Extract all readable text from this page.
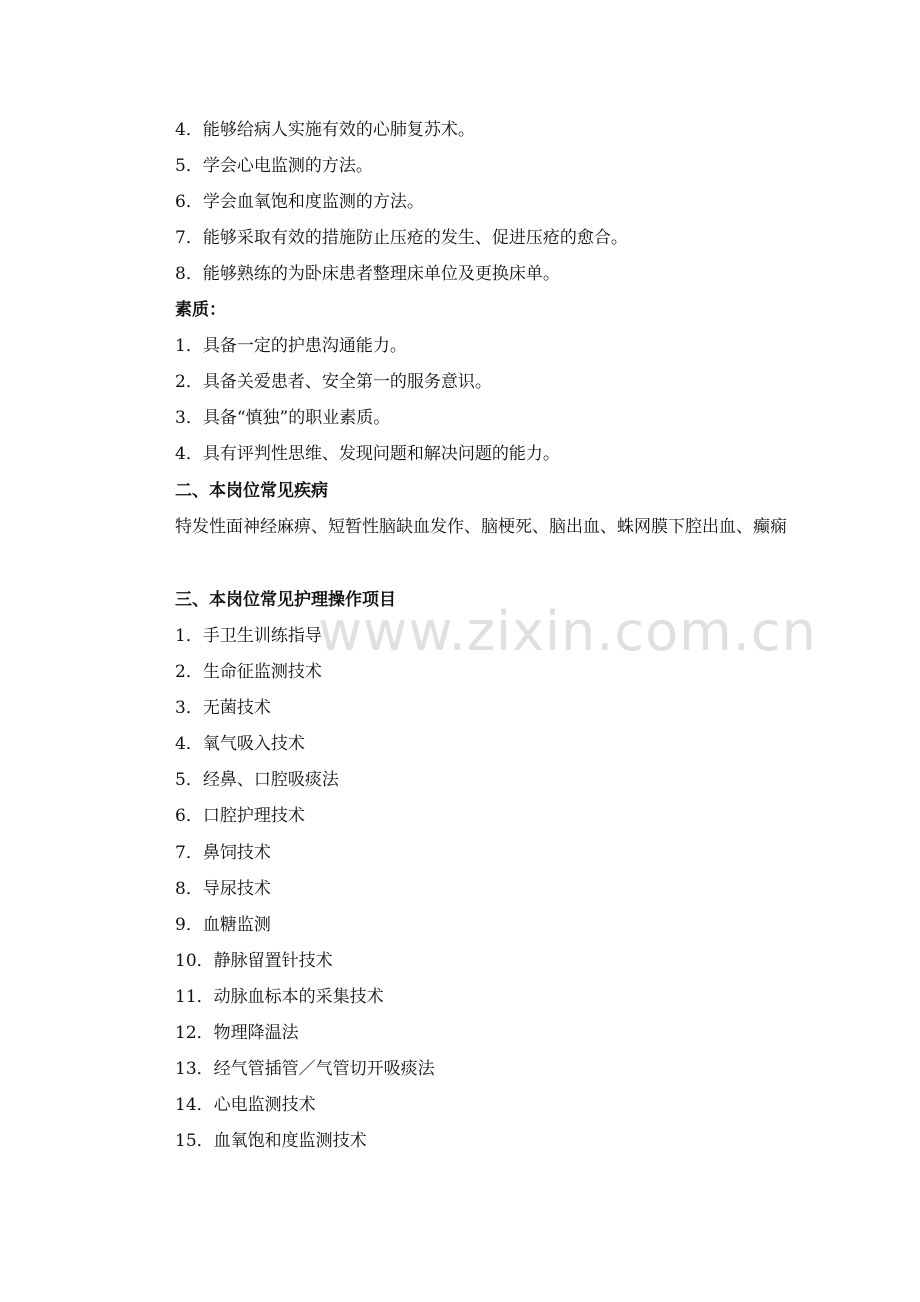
www.zixin.com.cn

4．能够给病人实施有效的心肺复苏术。

5．学会心电监测的方法。

6．学会血氧饱和度监测的方法。

7．能够采取有效的措施防止压疮的发生、促进压疮的愈合。

8．能够熟练的为卧床患者整理床单位及更换床单。

素质：

1．具备一定的护患沟通能力。

2．具备关爱患者、安全第一的服务意识。

3．具备“慎独”的职业素质。

4．具有评判性思维、发现问题和解决问题的能力。

二、本岗位常见疾病

特发性面神经麻痹、短暂性脑缺血发作、脑梗死、脑出血、蛛网膜下腔出血、癫痫

三、本岗位常见护理操作项目

1．手卫生训练指导

2．生命征监测技术

3．无菌技术

4．氧气吸入技术

5．经鼻、口腔吸痰法

6．口腔护理技术

7．鼻饲技术

8．导尿技术

9．血糖监测

10．静脉留置针技术

11．动脉血标本的采集技术

12．物理降温法

13．经气管插管／气管切开吸痰法

14．心电监测技术

15．血氧饱和度监测技术
